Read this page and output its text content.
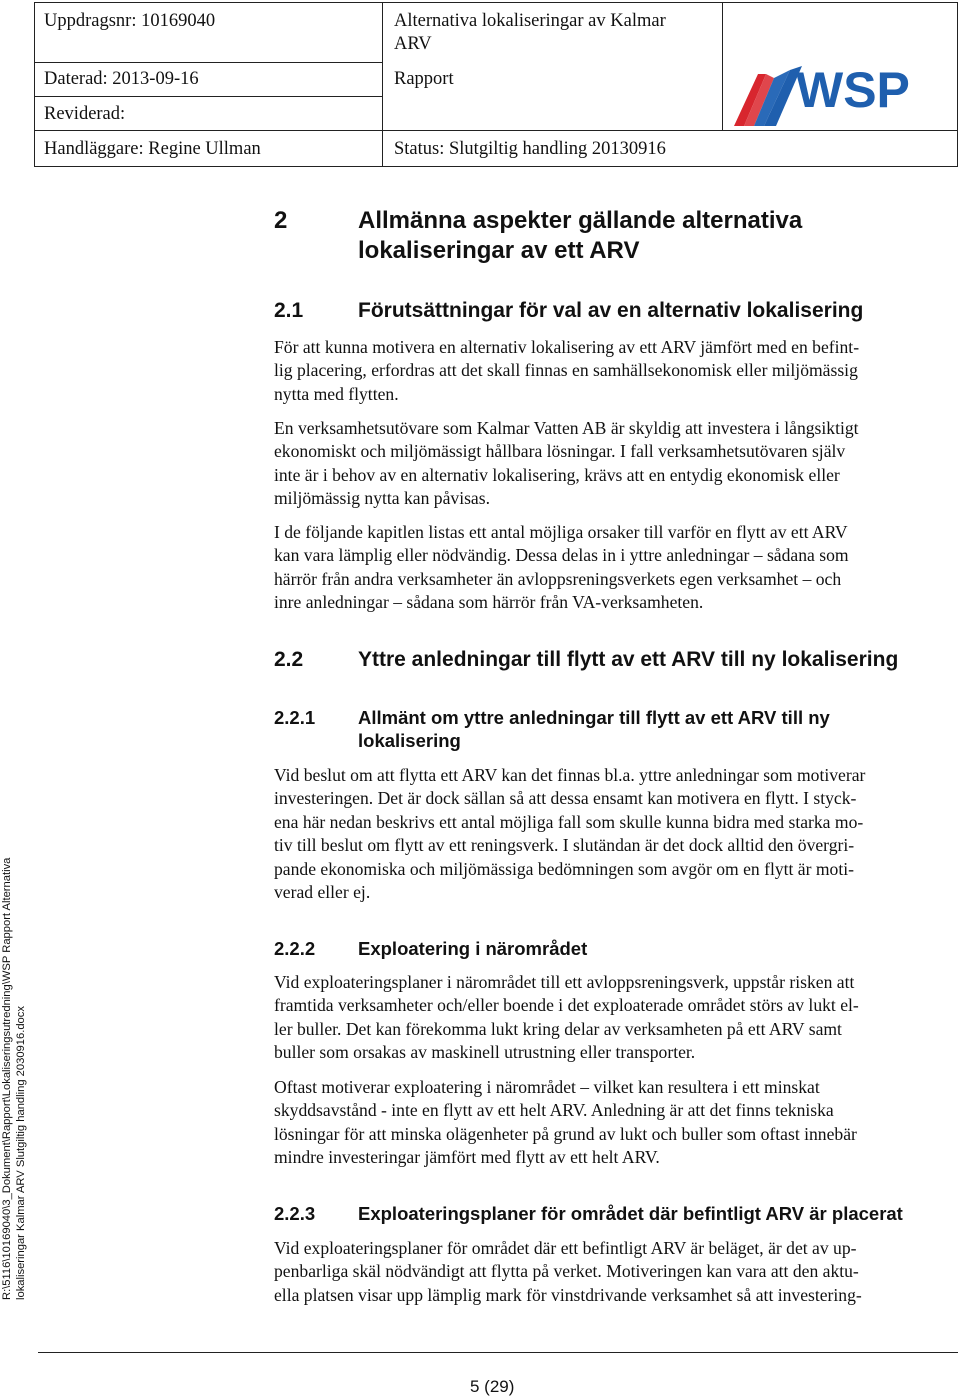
Uppdragsnr: 10169040	Alternativa lokaliseringar av Kalmar
ARV
Daterad: 2013-09-16	Rapport
Reviderad:
Handläggare: Regine Ullman	Status: Slutgiltig handling 20130916
WSP
2	Allmänna aspekter gällande alternativa
lokaliseringar av ett ARV
2.1	Förutsättningar för val av en alternativ lokalisering
För att kunna motivera en alternativ lokalisering av ett ARV jämfört med en befint-
lig placering, erfordras att det skall finnas en samhällsekonomisk eller miljömässig
nytta med flytten.
En verksamhetsutövare som Kalmar Vatten AB är skyldig att investera i långsiktigt
ekonomiskt och miljömässigt hållbara lösningar. I fall verksamhetsutövaren själv
inte är i behov av en alternativ lokalisering, krävs att en entydig ekonomisk eller
miljömässig nytta kan påvisas.
I de följande kapitlen listas ett antal möjliga orsaker till varför en flytt av ett ARV
kan vara lämplig eller nödvändig. Dessa delas in i yttre anledningar – sådana som
härrör från andra verksamheter än avloppsreningsverkets egen verksamhet – och
inre anledningar – sådana som härrör från VA-verksamheten.
2.2	Yttre anledningar till flytt av ett ARV till ny lokalisering
2.2.1 Allmänt om yttre anledningar till flytt av ett ARV till ny
lokalisering
Vid beslut om att flytta ett ARV kan det finnas bl.a. yttre anledningar som motiverar
investeringen. Det är dock sällan så att dessa ensamt kan motivera en flytt. I styck-
ena här nedan beskrivs ett antal möjliga fall som skulle kunna bidra med starka mo-
tiv till beslut om flytt av ett reningsverk. I slutändan är det dock alltid den övergri-
pande ekonomiska och miljömässiga bedömningen som avgör om en flytt är moti-
verad eller ej.
2.2.2 Exploatering i närområdet
Vid exploateringsplaner i närområdet till ett avloppsreningsverk, uppstår risken att
framtida verksamheter och/eller boende i det exploaterade området störs av lukt el-
ler buller. Det kan förekomma lukt kring delar av verksamheten på ett ARV samt
buller som orsakas av maskinell utrustning eller transporter.
Oftast motiverar exploatering i närområdet – vilket kan resultera i ett minskat
skyddsavstånd - inte en flytt av ett helt ARV. Anledning är att det finns tekniska
lösningar för att minska olägenheter på grund av lukt och buller som oftast innebär
mindre investeringar jämfört med flytt av ett helt ARV.
2.2.3 Exploateringsplaner för området där befintligt ARV är placerat
Vid exploateringsplaner för området där ett befintligt ARV är beläget, är det av up-
penbarliga skäl nödvändigt att flytta på verket. Motiveringen kan vara att den aktu-
ella platsen visar upp lämplig mark för vinstdrivande verksamhet så att investering-
R:\5116\10169040\3_Dokument\Rapport\Lokaliseringsutredning\WSP Rapport Alternativa lokaliseringar Kalmar ARV Slutgiltig handling 2030916.docx
5 (29)
